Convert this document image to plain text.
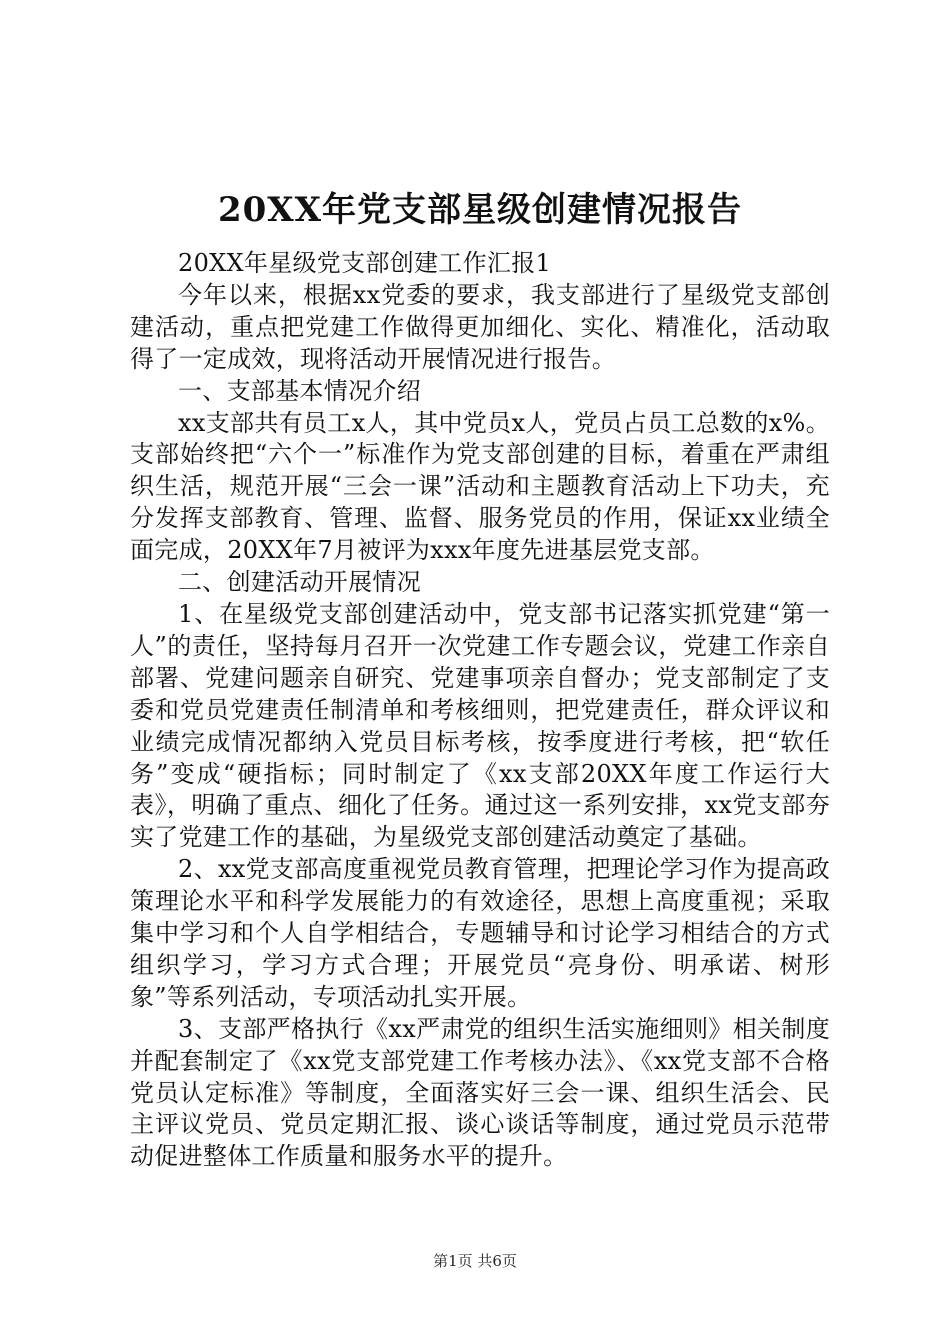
20XX年党支部星级创建情况报告

20XX年星级党支部创建工作汇报1

今年以来，根据xx党委的要求，我支部进行了星级党支部创建活动，重点把党建工作做得更加细化、实化、精准化，活动取得了一定成效，现将活动开展情况进行报告。

一、支部基本情况介绍

xx支部共有员工x人，其中党员x人，党员占员工总数的x%。支部始终把“六个一”标准作为党支部创建的目标，着重在严肃组织生活，规范开展“三会一课”活动和主题教育活动上下功夫，充分发挥支部教育、管理、监督、服务党员的作用，保证xx业绩全面完成，20XX年7月被评为xxx年度先进基层党支部。

二、创建活动开展情况

1、在星级党支部创建活动中，党支部书记落实抓党建“第一人”的责任，坚持每月召开一次党建工作专题会议，党建工作亲自部署、党建问题亲自研究、党建事项亲自督办；党支部制定了支委和党员党建责任制清单和考核细则，把党建责任，群众评议和业绩完成情况都纳入党员目标考核，按季度进行考核，把“软任务”变成“硬指标；同时制定了《xx支部20XX年度工作运行大表》，明确了重点、细化了任务。通过这一系列安排，xx党支部夯实了党建工作的基础，为星级党支部创建活动奠定了基础。

2、xx党支部高度重视党员教育管理，把理论学习作为提高政策理论水平和科学发展能力的有效途径，思想上高度重视；采取集中学习和个人自学相结合，专题辅导和讨论学习相结合的方式组织学习，学习方式合理；开展党员“亮身份、明承诺、树形象”等系列活动，专项活动扎实开展。

3、支部严格执行《xx严肃党的组织生活实施细则》相关制度并配套制定了《xx党支部党建工作考核办法》、《xx党支部不合格党员认定标准》等制度，全面落实好三会一课、组织生活会、民主评议党员、党员定期汇报、谈心谈话等制度，通过党员示范带动促进整体工作质量和服务水平的提升。

第1页 共6页
